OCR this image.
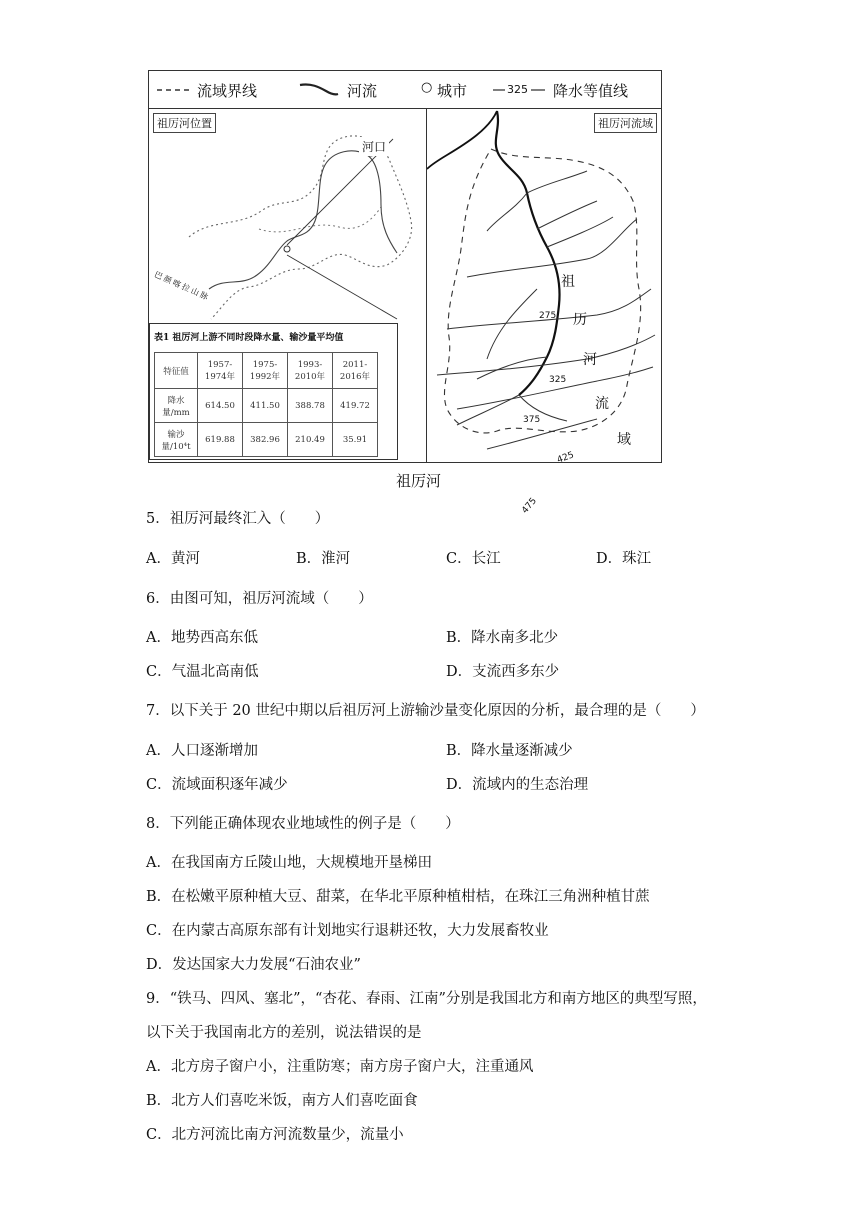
流域界线	河流	○ 城市	325 降水等值线
祖厉河位置
河口
巴颜喀拉山脉
表1 祖厉河上游不同时段降水量、输沙量平均值
特征值	1957-1974年	1975-1992年	1993-2010年	2011-2016年
降水量/mm	614.50	411.50	388.78	419.72
输沙量/10⁴t	619.88	382.96	210.49	35.91
祖厉河流域
275
325
375
425
475
祖
历
河
流
域
祖厉河
5．祖厉河最终汇入（　　）
A．黄河	B．淮河	C．长江	D．珠江
6．由图可知，祖厉河流域（　　）
A．地势西高东低	B．降水南多北少
C．气温北高南低	D．支流西多东少
7．以下关于 20 世纪中期以后祖厉河上游输沙量变化原因的分析，最合理的是（　　）
A．人口逐渐增加	B．降水量逐渐减少
C．流域面积逐年减少	D．流域内的生态治理
8．下列能正确体现农业地域性的例子是（　　）
A．在我国南方丘陵山地，大规模地开垦梯田
B．在松嫩平原种植大豆、甜菜，在华北平原种植柑桔，在珠江三角洲种植甘蔗
C．在内蒙古高原东部有计划地实行退耕还牧，大力发展畜牧业
D．发达国家大力发展“石油农业”
9．“铁马、四风、塞北”，“杏花、春雨、江南”分别是我国北方和南方地区的典型写照，
以下关于我国南北方的差别，说法错误的是
A．北方房子窗户小，注重防寒；南方房子窗户大，注重通风
B．北方人们喜吃米饭，南方人们喜吃面食
C．北方河流比南方河流数量少，流量小
